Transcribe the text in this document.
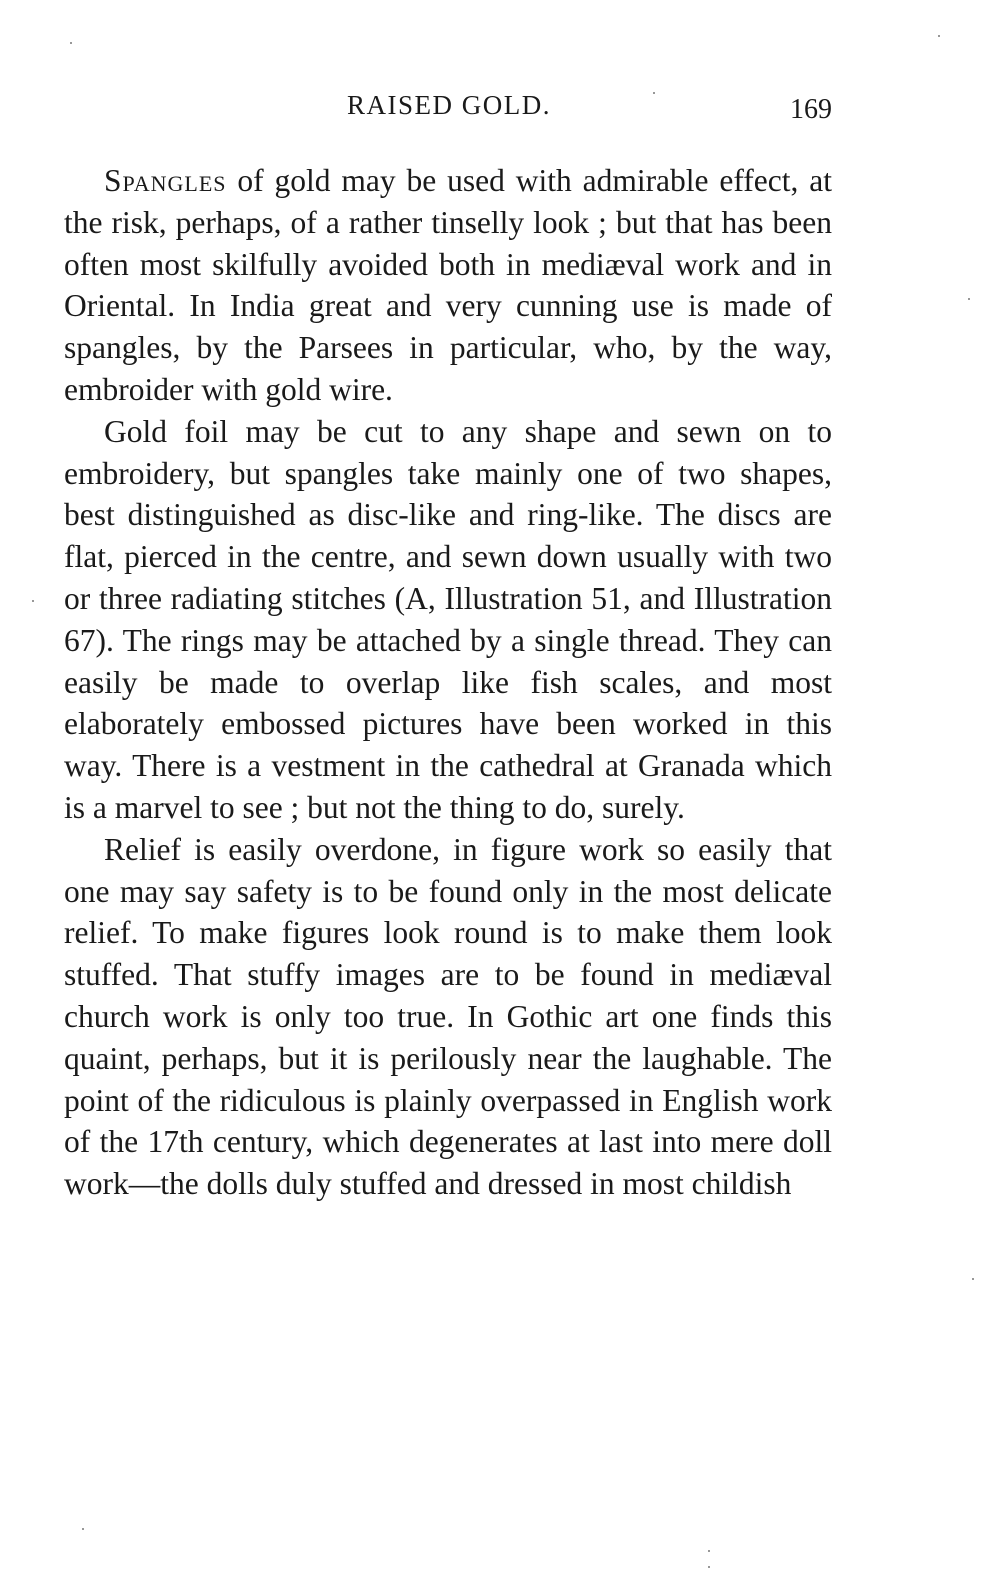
RAISED GOLD.	169

Spangles of gold may be used with admirable effect, at the risk, perhaps, of a rather tinselly look ; but that has been often most skilfully avoided both in mediæval work and in Oriental. In India great and very cunning use is made of spangles, by the Parsees in particular, who, by the way, embroider with gold wire.

Gold foil may be cut to any shape and sewn on to embroidery, but spangles take mainly one of two shapes, best distinguished as disc-like and ring-like. The discs are flat, pierced in the centre, and sewn down usually with two or three radiating stitches (A, Illustration 51, and Illustration 67). The rings may be attached by a single thread. They can easily be made to overlap like fish scales, and most elaborately embossed pictures have been worked in this way. There is a vestment in the cathedral at Granada which is a marvel to see ; but not the thing to do, surely.

Relief is easily overdone, in figure work so easily that one may say safety is to be found only in the most delicate relief. To make figures look round is to make them look stuffed. That stuffy images are to be found in mediæval church work is only too true. In Gothic art one finds this quaint, perhaps, but it is perilously near the laughable. The point of the ridiculous is plainly overpassed in English work of the 17th century, which degenerates at last into mere doll work—the dolls duly stuffed and dressed in most childish
